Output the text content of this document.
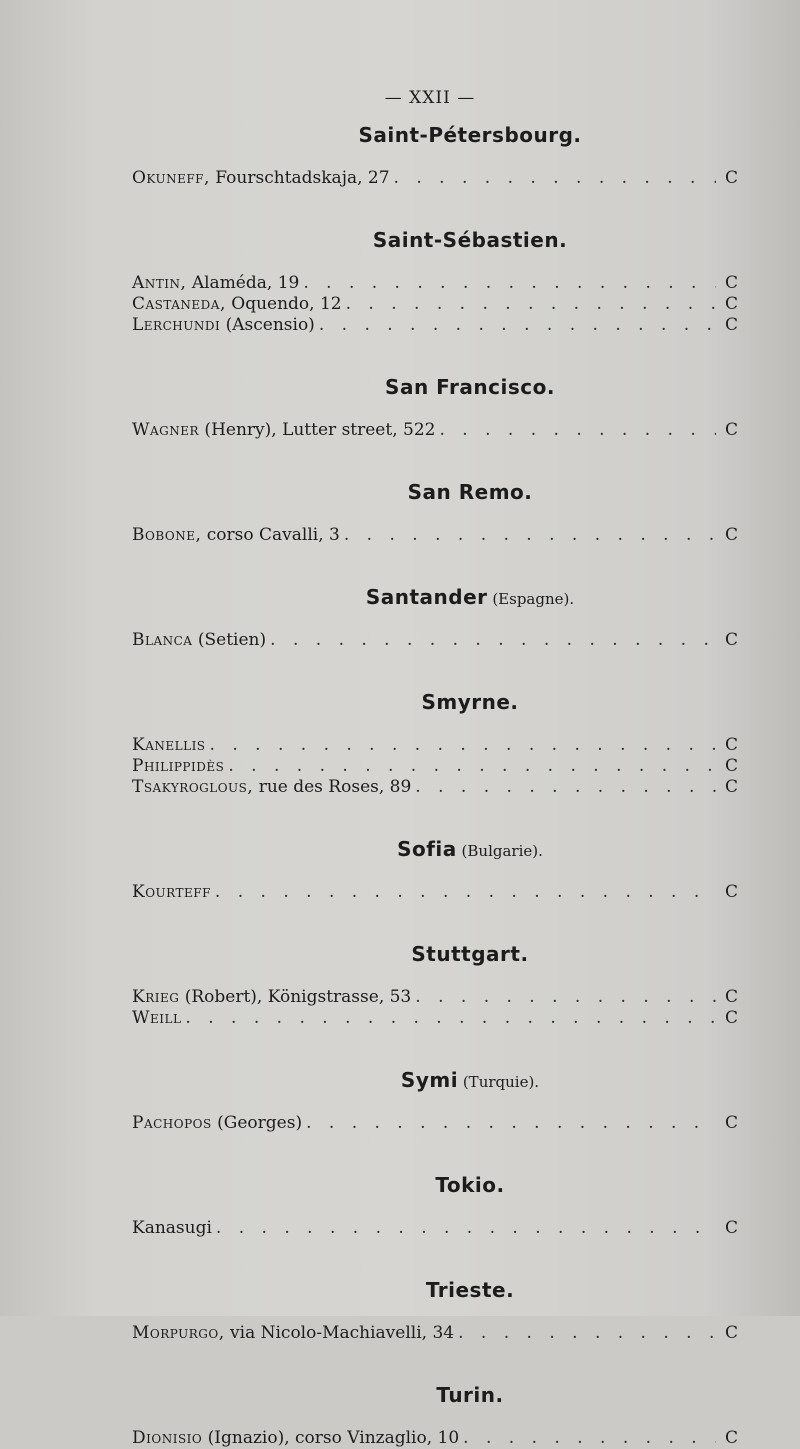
— XXII —
Saint-Pétersbourg.
Okuneff, Fourschtadskaja, 27 . . .	C
Saint-Sébastien.
Antin, Alaméda, 19 . . .	C
Castaneda, Oquendo, 12 . . .	C
Lerchundi (Ascensio) . . .	C
San Francisco.
Wagner (Henry), Lutter street, 522 . . .	C
San Remo.
Bobone, corso Cavalli, 3 . . .	C
Santander (Espagne).
Blanca (Setien) . . .	C
Smyrne.
Kanellis . . .	C
Philippidès . . .	C
Tsakyroglous, rue des Roses, 89 . . .	C
Sofia (Bulgarie).
Kourteff . . .	C
Stuttgart.
Krieg (Robert), Königstrasse, 53 . . .	C
Weill . . .	C
Symi (Turquie).
Pachopos (Georges) . . .	C
Tokio.
Kanasugi . . .	C
Trieste.
Morpurgo, via Nicolo-Machiavelli, 34 . . .	C
Turin.
Dionisio (Ignazio), corso Vinzaglio, 10 . . .	C
